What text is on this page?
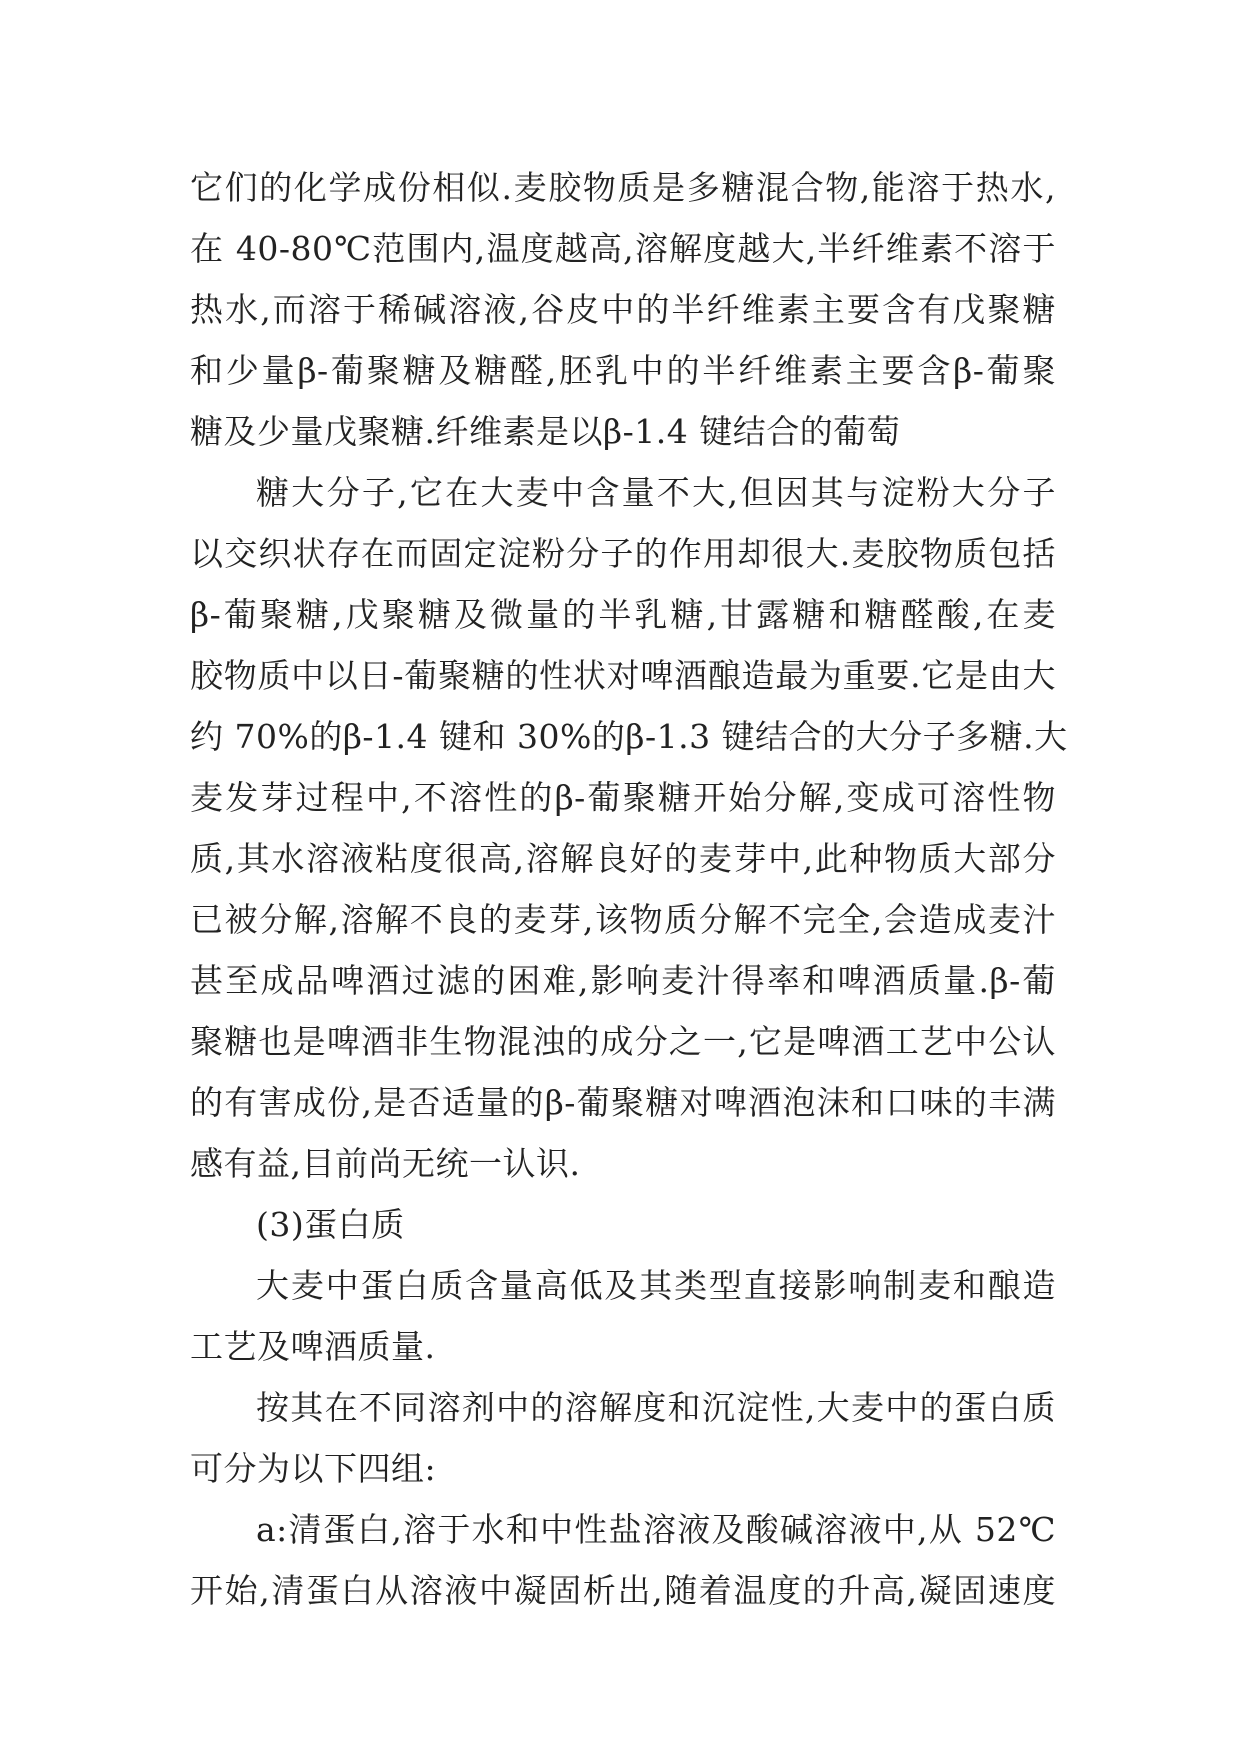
它们的化学成份相似.麦胶物质是多糖混合物,能溶于热水,
在 40-80℃范围内,温度越高,溶解度越大,半纤维素不溶于
热水,而溶于稀碱溶液,谷皮中的半纤维素主要含有戊聚糖
和少量β-葡聚糖及糖醛,胚乳中的半纤维素主要含β-葡聚
糖及少量戊聚糖.纤维素是以β-1.4 键结合的葡萄
糖大分子,它在大麦中含量不大,但因其与淀粉大分子
以交织状存在而固定淀粉分子的作用却很大.麦胶物质包括
β-葡聚糖,戊聚糖及微量的半乳糖,甘露糖和糖醛酸,在麦
胶物质中以日-葡聚糖的性状对啤酒酿造最为重要.它是由大
约 70%的β-1.4 键和 30%的β-1.3 键结合的大分子多糖.大
麦发芽过程中,不溶性的β-葡聚糖开始分解,变成可溶性物
质,其水溶液粘度很高,溶解良好的麦芽中,此种物质大部分
已被分解,溶解不良的麦芽,该物质分解不完全,会造成麦汁
甚至成品啤酒过滤的困难,影响麦汁得率和啤酒质量.β-葡
聚糖也是啤酒非生物混浊的成分之一,它是啤酒工艺中公认
的有害成份,是否适量的β-葡聚糖对啤酒泡沫和口味的丰满
感有益,目前尚无统一认识.
(3)蛋白质
大麦中蛋白质含量高低及其类型直接影响制麦和酿造
工艺及啤酒质量.
按其在不同溶剂中的溶解度和沉淀性,大麦中的蛋白质
可分为以下四组:
a:清蛋白,溶于水和中性盐溶液及酸碱溶液中,从 52℃
开始,清蛋白从溶液中凝固析出,随着温度的升高,凝固速度
